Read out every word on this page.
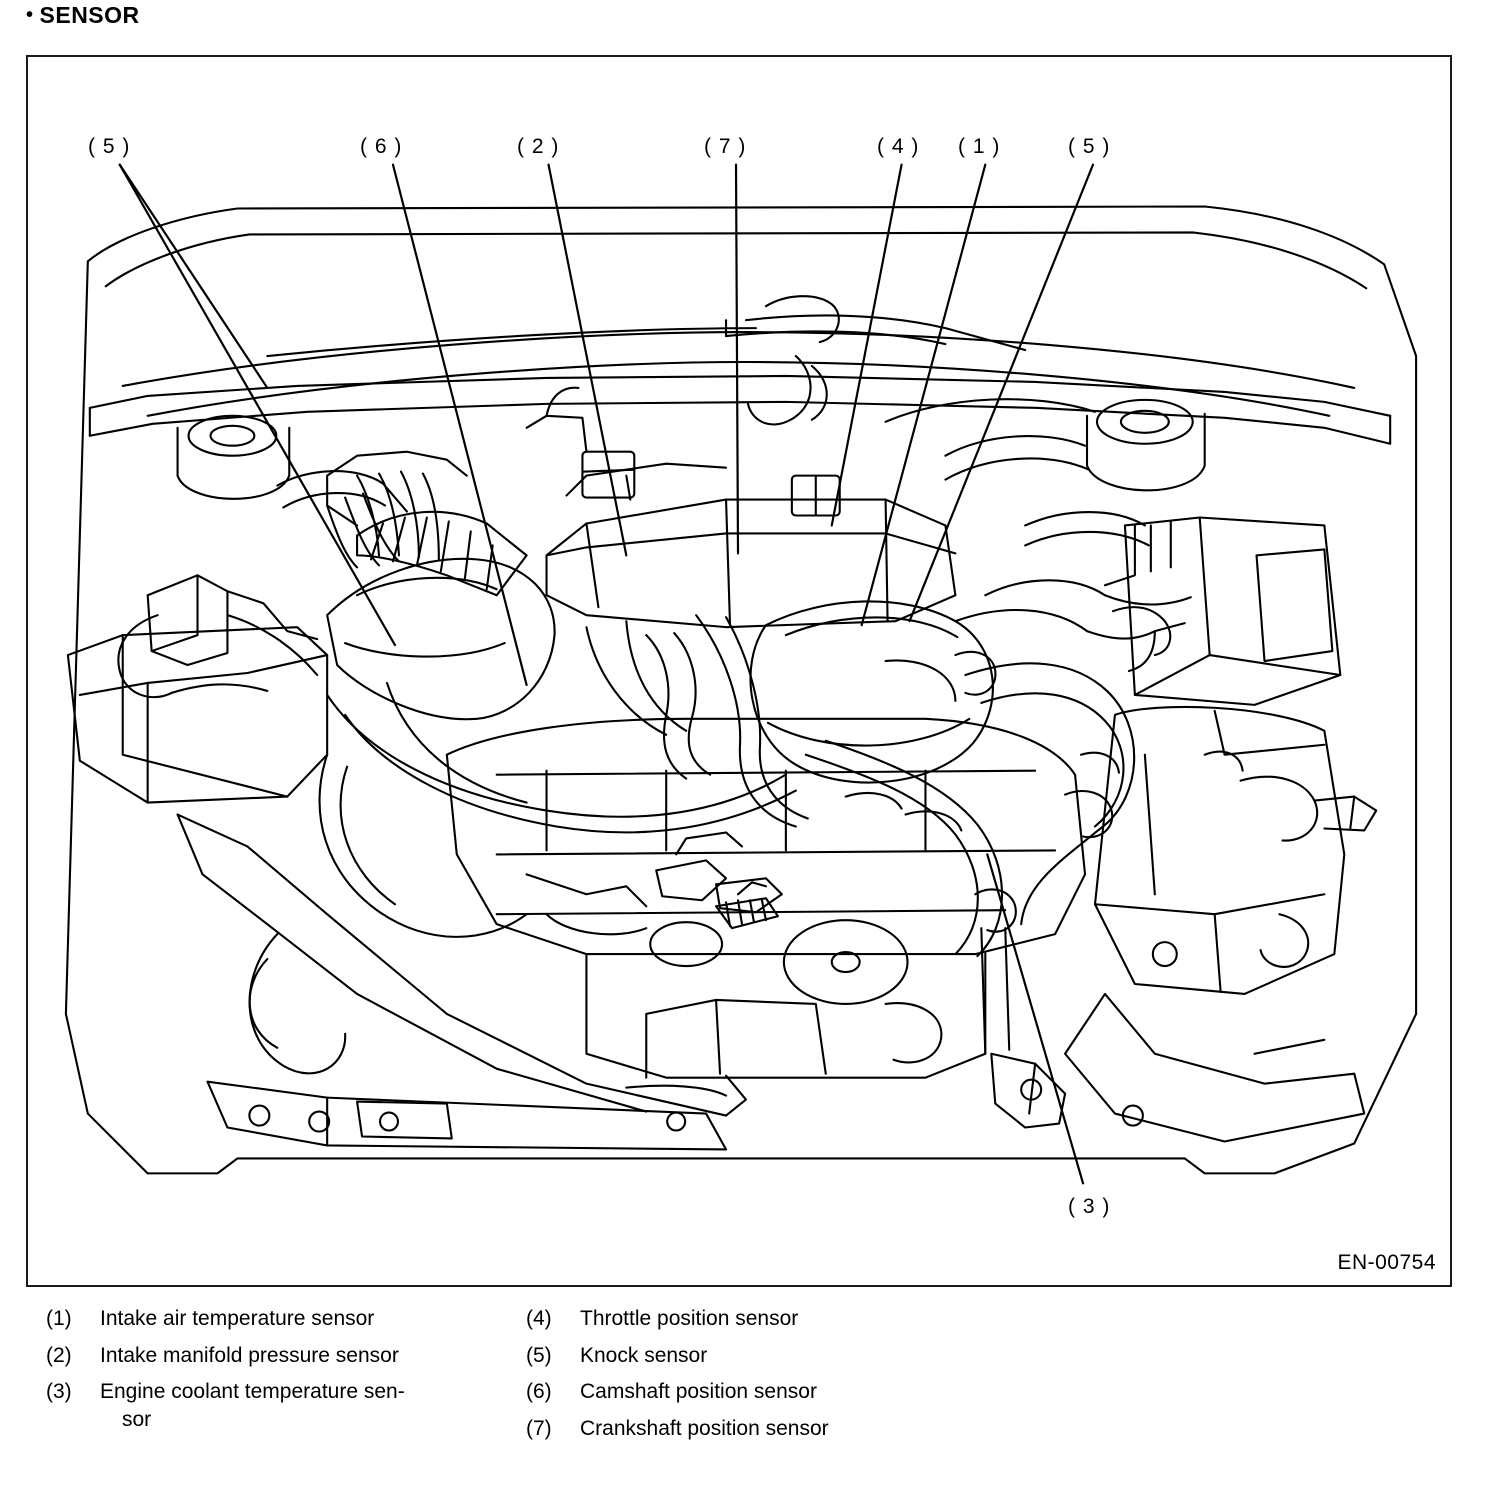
• SENSOR
( 5 )	( 6 )	( 2 )	( 7 )	( 4 ) ( 1 )	( 5 )
( 3 )
EN-00754
(1)	Intake air temperature sensor
(2)	Intake manifold pressure sensor
(3)	Engine coolant temperature sen-
sor
(4)	Throttle position sensor
(5)	Knock sensor
(6)	Camshaft position sensor
(7)	Crankshaft position sensor
